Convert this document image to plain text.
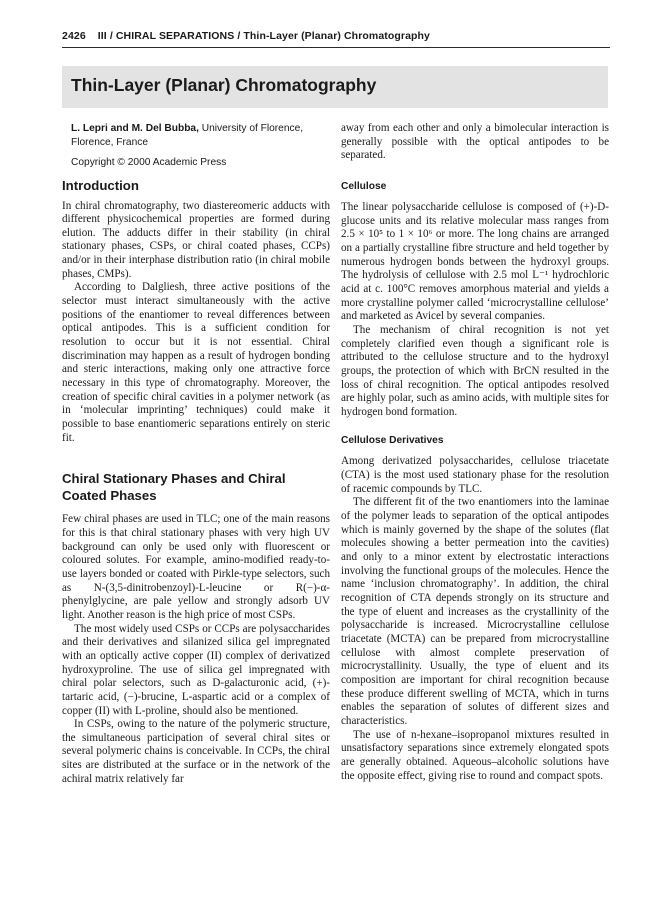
2426 III / CHIRAL SEPARATIONS / Thin-Layer (Planar) Chromatography
Thin-Layer (Planar) Chromatography
L. Lepri and M. Del Bubba, University of Florence,
Florence, France
Copyright © 2000 Academic Press
Introduction

In chiral chromatography, two diastereomeric adducts with different physicochemical properties are formed during elution. The adducts differ in their stability (in chiral stationary phases, CSPs, or chiral coated phases, CCPs) and/or in their interphase distribution ratio (in chiral mobile phases, CMPs).

According to Dalgliesh, three active positions of the selector must interact simultaneously with the active positions of the enantiomer to reveal differences between optical antipodes. This is a sufficient condition for resolution to occur but it is not essential. Chiral discrimination may happen as a result of hydrogen bonding and steric interactions, making only one attractive force necessary in this type of chromatography. Moreover, the creation of specific chiral cavities in a polymer network (as in ‘molecular imprinting’ techniques) could make it possible to base enantiomeric separations entirely on steric fit.

Chiral Stationary Phases and Chiral Coated Phases

Few chiral phases are used in TLC; one of the main reasons for this is that chiral stationary phases with very high UV background can only be used only with fluorescent or coloured solutes. For example, amino-modified ready-to-use layers bonded or coated with Pirkle-type selectors, such as N-(3,5-dinitrobenzoyl)-L-leucine or R(−)-α-phenylglycine, are pale yellow and strongly adsorb UV light. Another reason is the high price of most CSPs.

The most widely used CSPs or CCPs are polysaccharides and their derivatives and silanized silica gel impregnated with an optically active copper (II) complex of derivatized hydroxyproline. The use of silica gel impregnated with chiral polar selectors, such as D-galacturonic acid, (+)-tartaric acid, (−)-brucine, L-aspartic acid or a complex of copper (II) with L-proline, should also be mentioned.

In CSPs, owing to the nature of the polymeric structure, the simultaneous participation of several chiral sites or several polymeric chains is conceivable. In CCPs, the chiral sites are distributed at the surface or in the network of the achiral matrix relatively far

away from each other and only a bimolecular interaction is generally possible with the optical antipodes to be separated.

Cellulose

The linear polysaccharide cellulose is composed of (+)-D-glucose units and its relative molecular mass ranges from 2.5 × 10⁵ to 1 × 10⁶ or more. The long chains are arranged on a partially crystalline fibre structure and held together by numerous hydrogen bonds between the hydroxyl groups. The hydrolysis of cellulose with 2.5 mol L⁻¹ hydrochloric acid at c. 100°C removes amorphous material and yields a more crystalline polymer called ‘microcrystalline cellulose’ and marketed as Avicel by several companies.

The mechanism of chiral recognition is not yet completely clarified even though a significant role is attributed to the cellulose structure and to the hydroxyl groups, the protection of which with BrCN resulted in the loss of chiral recognition. The optical antipodes resolved are highly polar, such as amino acids, with multiple sites for hydrogen bond formation.

Cellulose Derivatives

Among derivatized polysaccharides, cellulose triacetate (CTA) is the most used stationary phase for the resolution of racemic compounds by TLC.

The different fit of the two enantiomers into the laminae of the polymer leads to separation of the optical antipodes which is mainly governed by the shape of the solutes (flat molecules showing a better permeation into the cavities) and only to a minor extent by electrostatic interactions involving the functional groups of the molecules. Hence the name ‘inclusion chromatography’. In addition, the chiral recognition of CTA depends strongly on its structure and the type of eluent and increases as the crystallinity of the polysaccharide is increased. Microcrystalline cellulose triacetate (MCTA) can be prepared from microcrystalline cellulose with almost complete preservation of microcrystallinity. Usually, the type of eluent and its composition are important for chiral recognition because these produce different swelling of MCTA, which in turns enables the separation of solutes of different sizes and characteristics.

The use of n-hexane–isopropanol mixtures resulted in unsatisfactory separations since extremely elongated spots are generally obtained. Aqueous–alcoholic solutions have the opposite effect, giving rise to round and compact spots.
